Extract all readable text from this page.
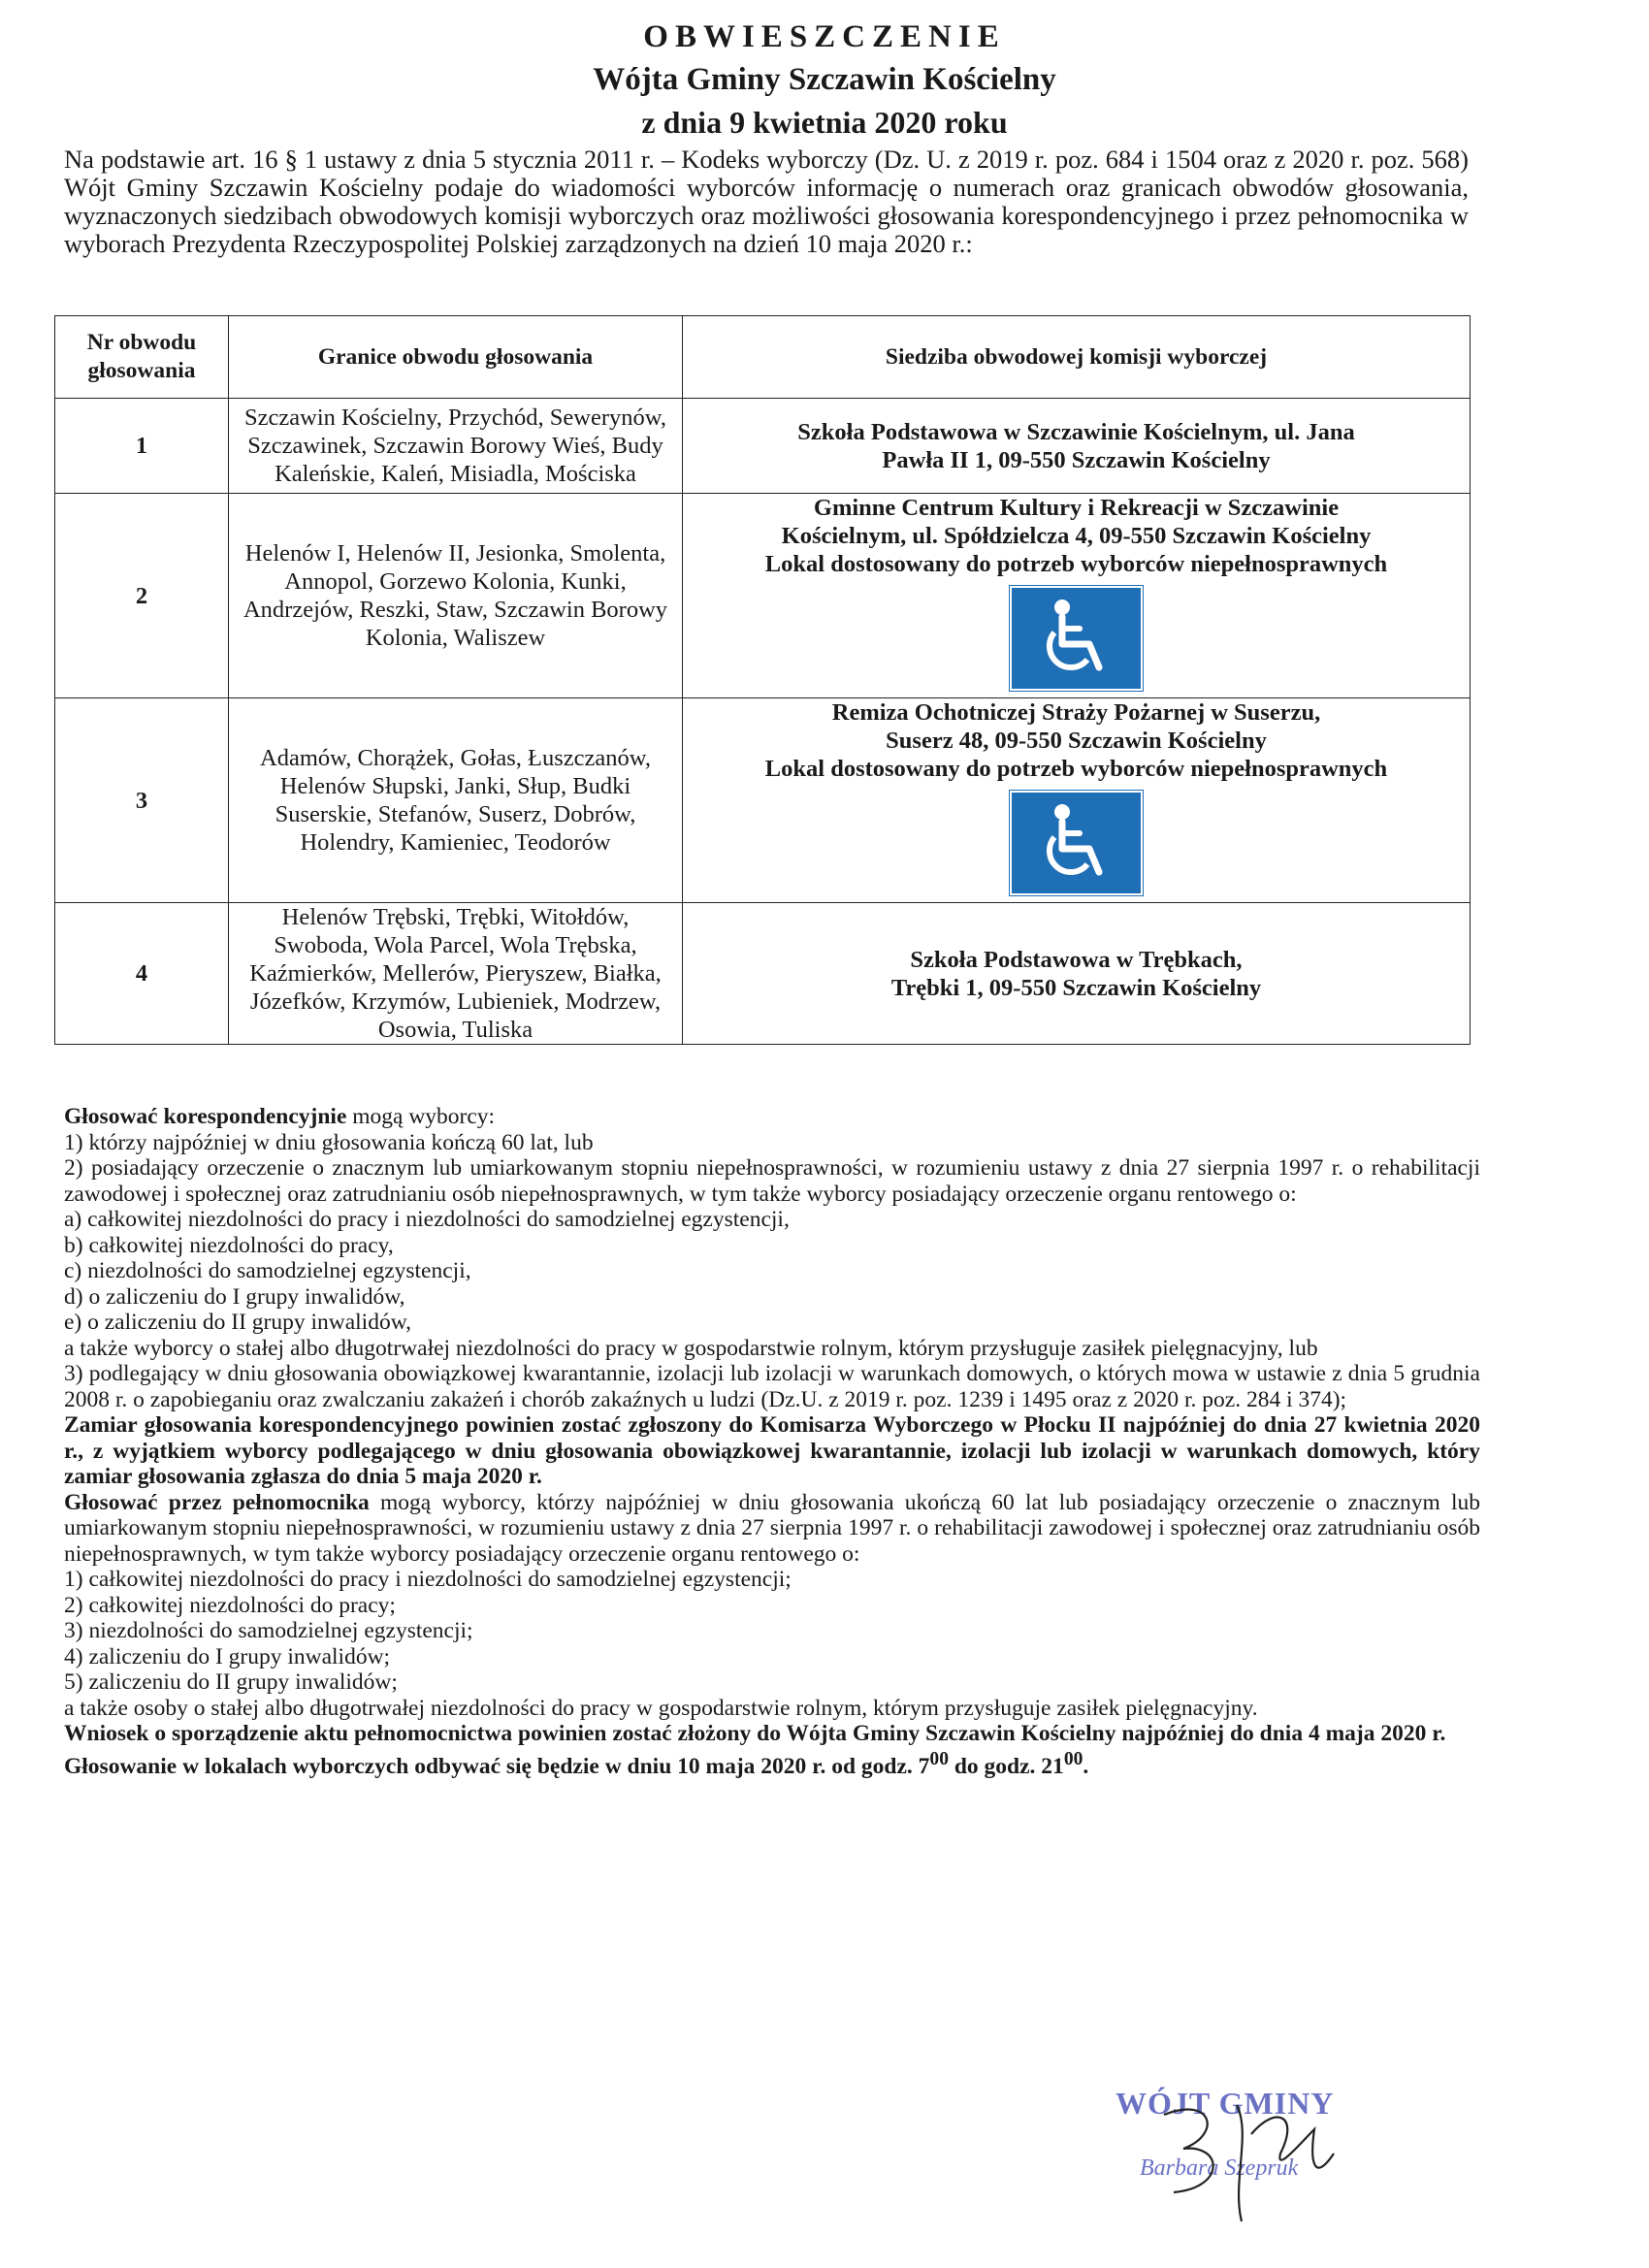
OBWIESZCZENIE
Wójta Gminy Szczawin Kościelny
z dnia 9 kwietnia 2020 roku

Na podstawie art. 16 § 1 ustawy z dnia 5 stycznia 2011 r. – Kodeks wyborczy (Dz. U. z 2019 r. poz. 684 i 1504 oraz z 2020 r. poz. 568) Wójt Gminy Szczawin Kościelny podaje do wiadomości wyborców informację o numerach oraz granicach obwodów głosowania, wyznaczonych siedzibach obwodowych komisji wyborczych oraz możliwości głosowania korespondencyjnego i przez pełnomocnika w wyborach Prezydenta Rzeczypospolitej Polskiej zarządzonych na dzień 10 maja 2020 r.:

Nr obwodu
głosowania	Granice obwodu głosowania	Siedziba obwodowej komisji wyborczej
1	Szczawin Kościelny, Przychód, Sewerynów,
Szczawinek, Szczawin Borowy Wieś, Budy
Kaleńskie, Kaleń, Misiadla, Mościska	Szkoła Podstawowa w Szczawinie Kościelnym, ul. Jana
Pawła II 1, 09-550 Szczawin Kościelny

2	Helenów I, Helenów II, Jesionka, Smolenta,
Annopol, Gorzewo Kolonia, Kunki,
Andrzejów, Reszki, Staw, Szczawin Borowy
Kolonia, Waliszew	Gminne Centrum Kultury i Rekreacji w Szczawinie
Kościelnym, ul. Spółdzielcza 4, 09-550 Szczawin Kościelny
Lokal dostosowany do potrzeb wyborców niepełnosprawnych

3	Adamów, Chorążek, Gołas, Łuszczanów,
Helenów Słupski, Janki, Słup, Budki
Suserskie, Stefanów, Suserz, Dobrów,
Holendry, Kamieniec, Teodorów	Remiza Ochotniczej Straży Pożarnej w Suserzu,
Suserz 48, 09-550 Szczawin Kościelny
Lokal dostosowany do potrzeb wyborców niepełnosprawnych

4	Helenów Trębski, Trębki, Witołdów,
Swoboda, Wola Parcel, Wola Trębska,
Kaźmierków, Mellerów, Pieryszew, Białka,
Józefków, Krzymów, Lubieniek, Modrzew,
Osowia, Tuliska	Szkoła Podstawowa w Trębkach,
Trębki 1, 09-550 Szczawin Kościelny

Głosować korespondencyjnie mogą wyborcy:

1) którzy najpóźniej w dniu głosowania kończą 60 lat, lub

2) posiadający orzeczenie o znacznym lub umiarkowanym stopniu niepełnosprawności, w rozumieniu ustawy z dnia 27 sierpnia 1997 r. o rehabilitacji zawodowej i społecznej oraz zatrudnianiu osób niepełnosprawnych, w tym także wyborcy posiadający orzeczenie organu rentowego o:

a) całkowitej niezdolności do pracy i niezdolności do samodzielnej egzystencji,

b) całkowitej niezdolności do pracy,

c) niezdolności do samodzielnej egzystencji,

d) o zaliczeniu do I grupy inwalidów,

e) o zaliczeniu do II grupy inwalidów,

a także wyborcy o stałej albo długotrwałej niezdolności do pracy w gospodarstwie rolnym, którym przysługuje zasiłek pielęgnacyjny, lub

3) podlegający w dniu głosowania obowiązkowej kwarantannie, izolacji lub izolacji w warunkach domowych, o których mowa w ustawie z dnia 5 grudnia 2008 r. o zapobieganiu oraz zwalczaniu zakażeń i chorób zakaźnych u ludzi (Dz.U. z 2019 r. poz. 1239 i 1495 oraz z 2020 r. poz. 284 i 374);

Zamiar głosowania korespondencyjnego powinien zostać zgłoszony do Komisarza Wyborczego w Płocku II najpóźniej do dnia 27 kwietnia 2020 r., z wyjątkiem wyborcy podlegającego w dniu głosowania obowiązkowej kwarantannie, izolacji lub izolacji w warunkach domowych, który zamiar głosowania zgłasza do dnia 5 maja 2020 r.

Głosować przez pełnomocnika mogą wyborcy, którzy najpóźniej w dniu głosowania ukończą 60 lat lub posiadający orzeczenie o znacznym lub umiarkowanym stopniu niepełnosprawności, w rozumieniu ustawy z dnia 27 sierpnia 1997 r. o rehabilitacji zawodowej i społecznej oraz zatrudnianiu osób niepełnosprawnych, w tym także wyborcy posiadający orzeczenie organu rentowego o:

1) całkowitej niezdolności do pracy i niezdolności do samodzielnej egzystencji;

2) całkowitej niezdolności do pracy;

3) niezdolności do samodzielnej egzystencji;

4) zaliczeniu do I grupy inwalidów;

5) zaliczeniu do II grupy inwalidów;

a także osoby o stałej albo długotrwałej niezdolności do pracy w gospodarstwie rolnym, którym przysługuje zasiłek pielęgnacyjny.

Wniosek o sporządzenie aktu pełnomocnictwa powinien zostać złożony do Wójta Gminy Szczawin Kościelny najpóźniej do dnia 4 maja 2020 r.

Głosowanie w lokalach wyborczych odbywać się będzie w dniu 10 maja 2020 r. od godz. $7^{00}$ do godz. $21^{00}$.

WÓJT GMINY
Barbara Szepruk
